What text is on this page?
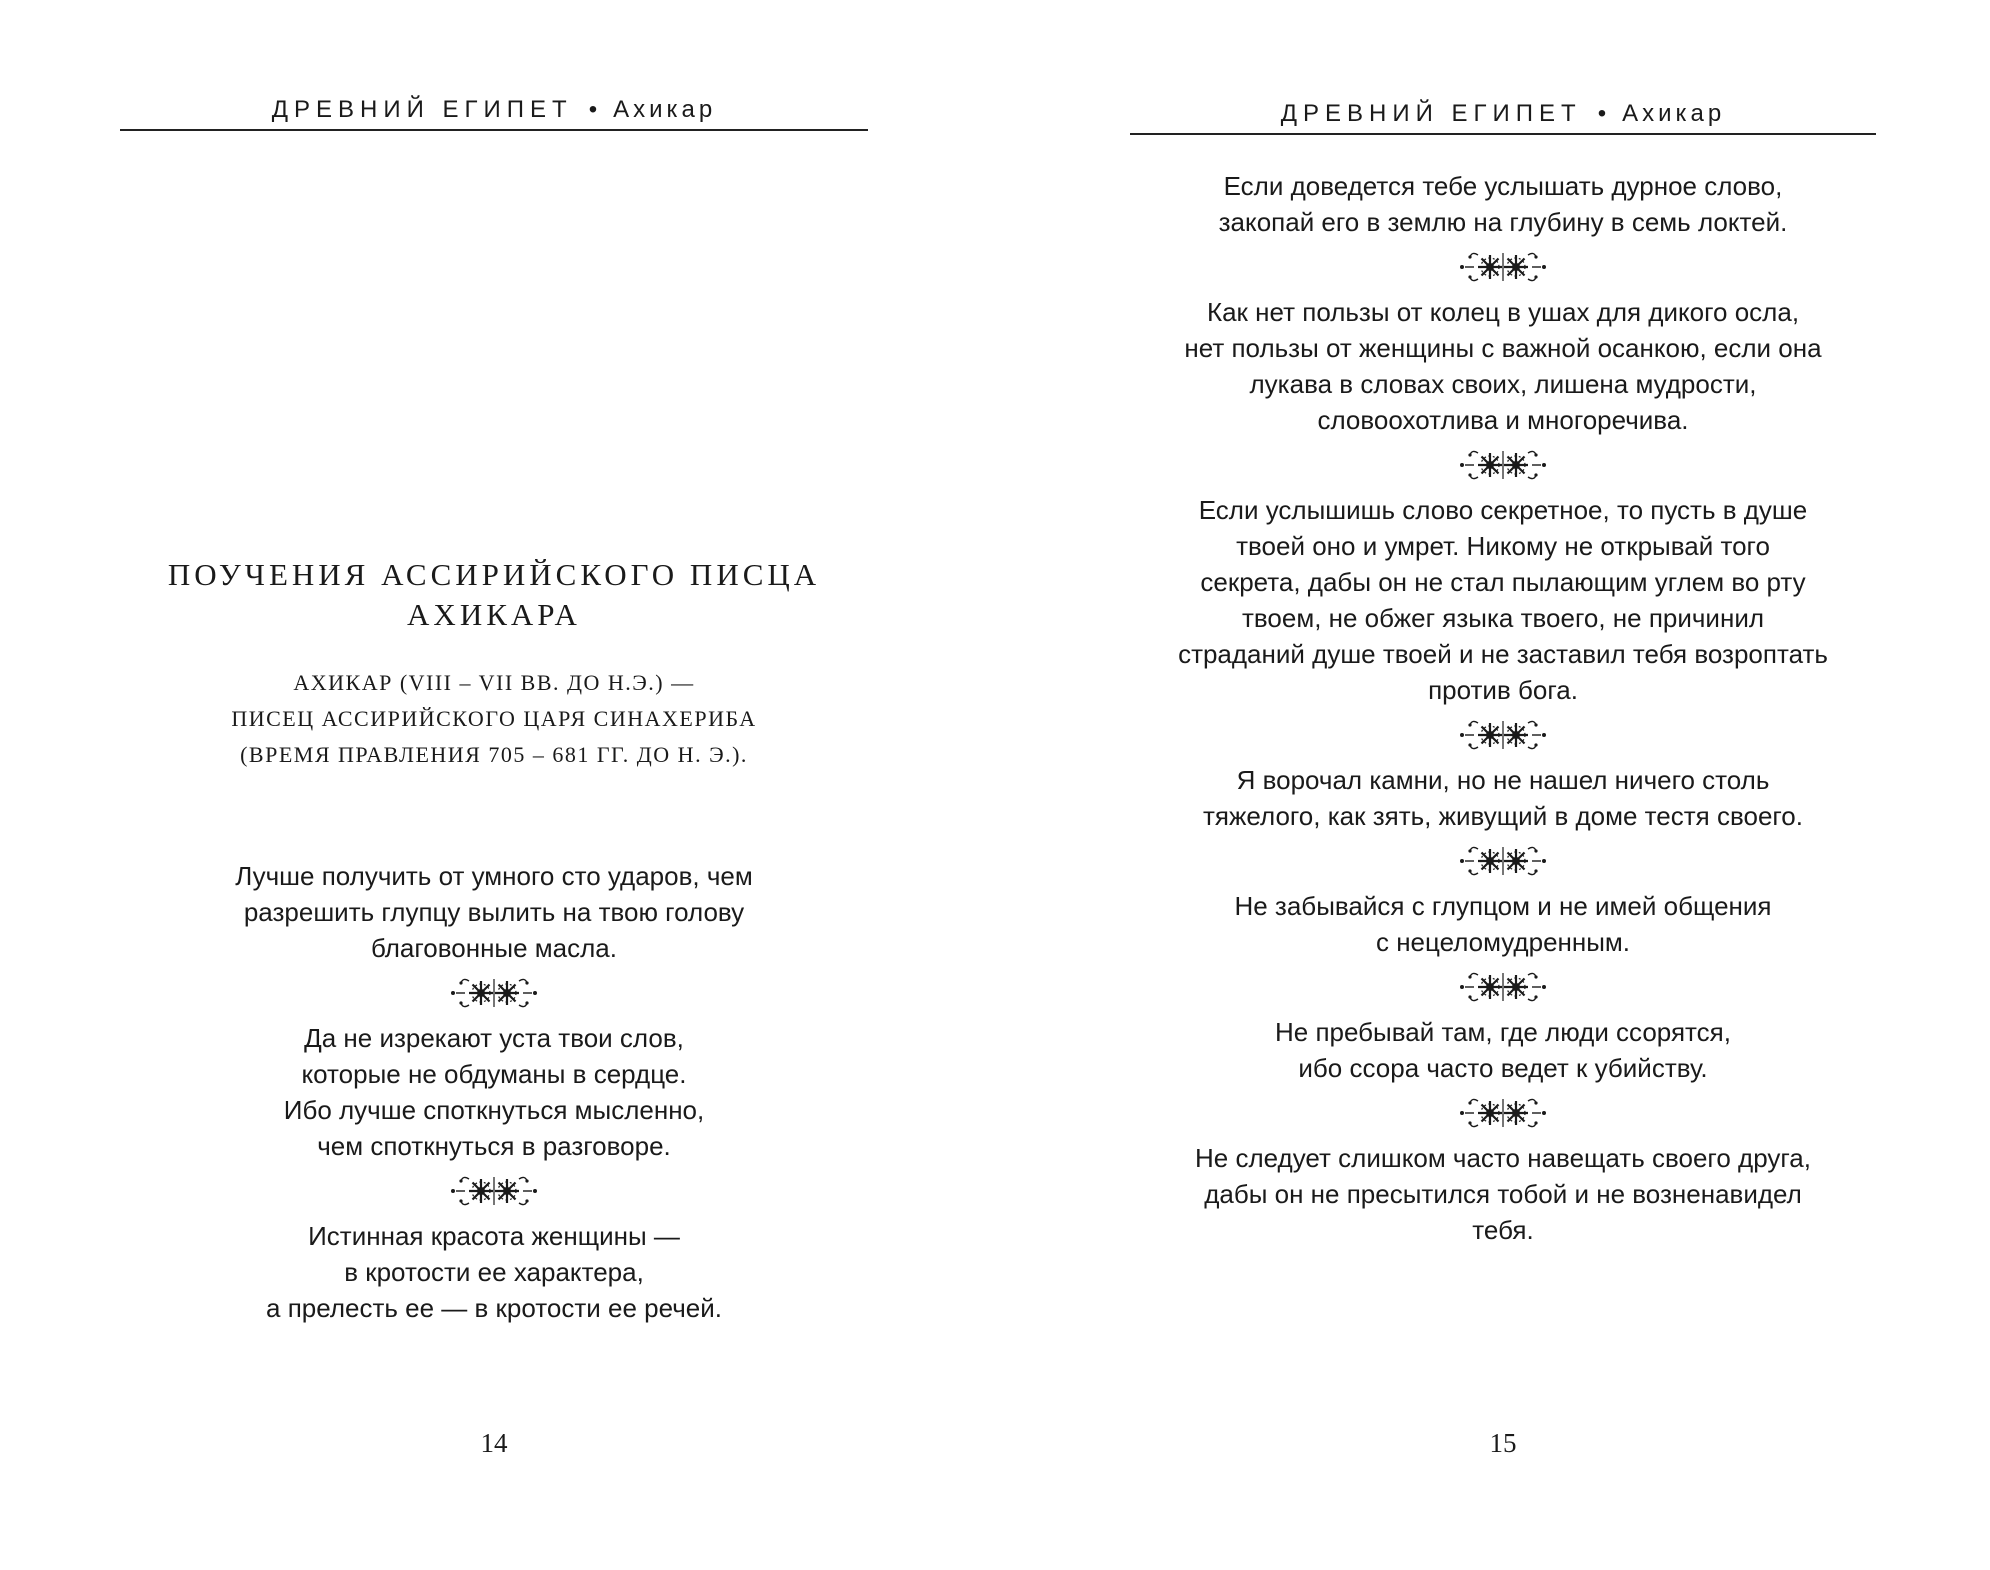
ДРЕВНИЙ ЕГИПЕТ • Ахикар
ПОУЧЕНИЯ АССИРИЙСКОГО ПИСЦА
АХИКАРА
АХИКАР (VIII – VII ВВ. ДО Н.Э.) —
ПИСЕЦ АССИРИЙСКОГО ЦАРЯ СИНАХЕРИБА
(ВРЕМЯ ПРАВЛЕНИЯ 705 – 681 ГГ. ДО Н. Э.).
Лучше получить от умного сто ударов, чем
разрешить глупцу вылить на твою голову
благовонные масла.
Да не изрекают уста твои слов,
которые не обдуманы в сердце.
Ибо лучше споткнуться мысленно,
чем споткнуться в разговоре.
Истинная красота женщины —
в кротости ее характера,
а прелесть ее — в кротости ее речей.
14
ДРЕВНИЙ ЕГИПЕТ • Ахикар
Если доведется тебе услышать дурное слово,
закопай его в землю на глубину в семь локтей.
Как нет пользы от колец в ушах для дикого осла,
нет пользы от женщины с важной осанкою, если она
лукава в словах своих, лишена мудрости,
словоохотлива и многоречива.
Если услышишь слово секретное, то пусть в душе
твоей оно и умрет. Никому не открывай того
секрета, дабы он не стал пылающим углем во рту
твоем, не обжег языка твоего, не причинил
страданий душе твоей и не заставил тебя возроптать
против бога.
Я ворочал камни, но не нашел ничего столь
тяжелого, как зять, живущий в доме тестя своего.
Не забывайся с глупцом и не имей общения
с нецеломудренным.
Не пребывай там, где люди ссорятся,
ибо ссора часто ведет к убийству.
Не следует слишком часто навещать своего друга,
дабы он не пресытился тобой и не возненавидел
тебя.
15
